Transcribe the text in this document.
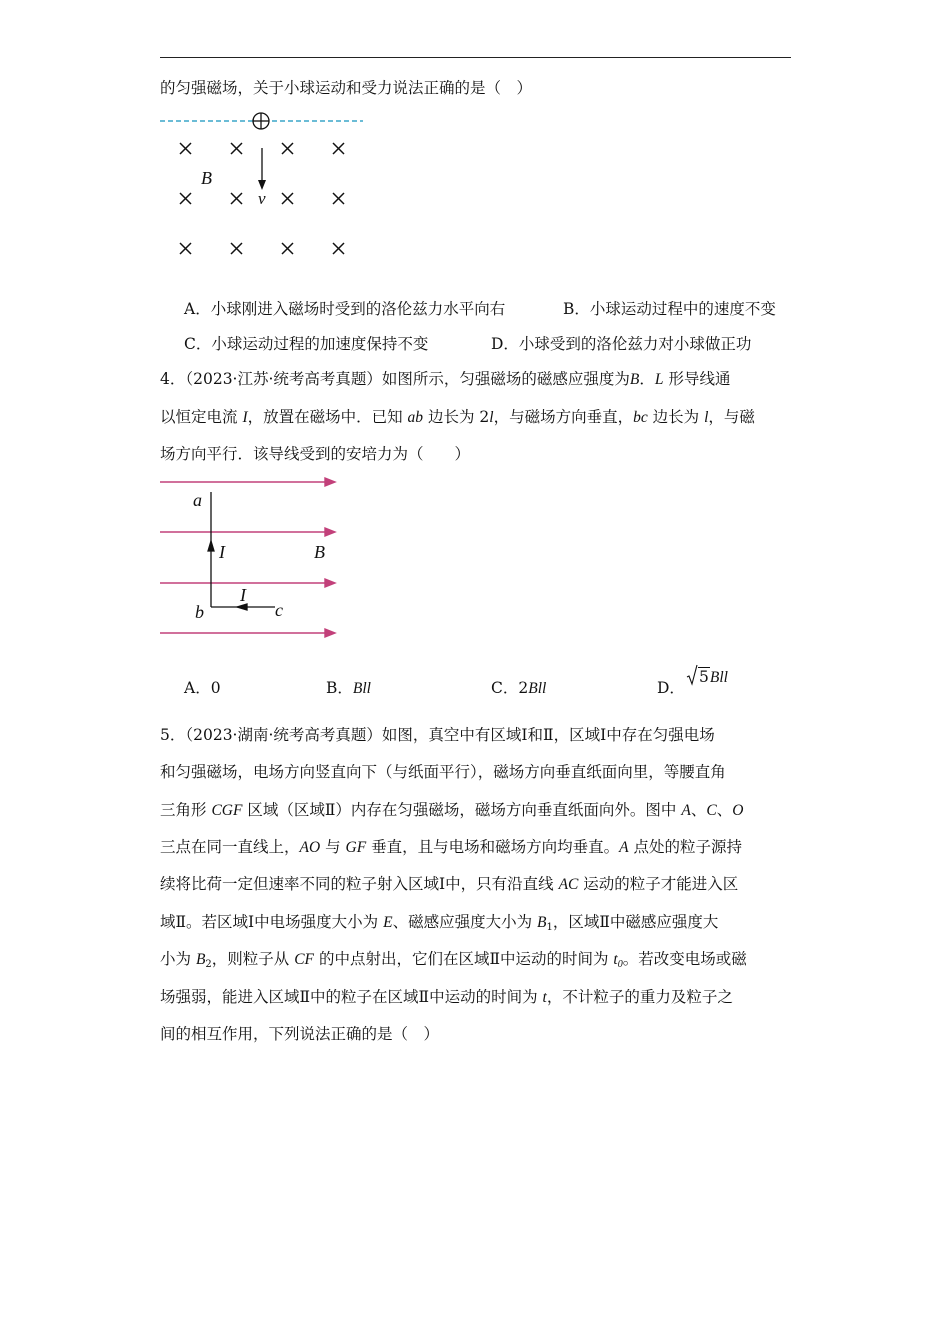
的匀强磁场，关于小球运动和受力说法正确的是（　）
B
v
A．小球刚进入磁场时受到的洛伦兹力水平向右	B．小球运动过程中的速度不变
C．小球运动过程的加速度保持不变	D．小球受到的洛伦兹力对小球做正功
4．（2023·江苏·统考高考真题）如图所示，匀强磁场的磁感应强度为B．L 形导线通
以恒定电流 I，放置在磁场中．已知 ab 边长为 2l，与磁场方向垂直，bc 边长为 l，与磁
场方向平行．该导线受到的安培力为（　　）
a
I	B
I
b	c
A．0	B．Bll	C．2Bll	D．
5Bll
5．（2023·湖南·统考高考真题）如图，真空中有区域Ⅰ和Ⅱ，区域Ⅰ中存在匀强电场
和匀强磁场，电场方向竖直向下（与纸面平行），磁场方向垂直纸面向里，等腰直角
三角形 CGF 区域（区域Ⅱ）内存在匀强磁场，磁场方向垂直纸面向外。图中 A、C、O
三点在同一直线上，AO 与 GF 垂直，且与电场和磁场方向均垂直。A 点处的粒子源持
续将比荷一定但速率不同的粒子射入区域Ⅰ中，只有沿直线 AC 运动的粒子才能进入区
域Ⅱ。若区域Ⅰ中电场强度大小为 E、磁感应强度大小为 $B_1$，区域Ⅱ中磁感应强度大
小为 $B_2$，则粒子从 CF 的中点射出，它们在区域Ⅱ中运动的时间为 $t_0$。若改变电场或磁
场强弱，能进入区域Ⅱ中的粒子在区域Ⅱ中运动的时间为 t，不计粒子的重力及粒子之
间的相互作用，下列说法正确的是（　）
